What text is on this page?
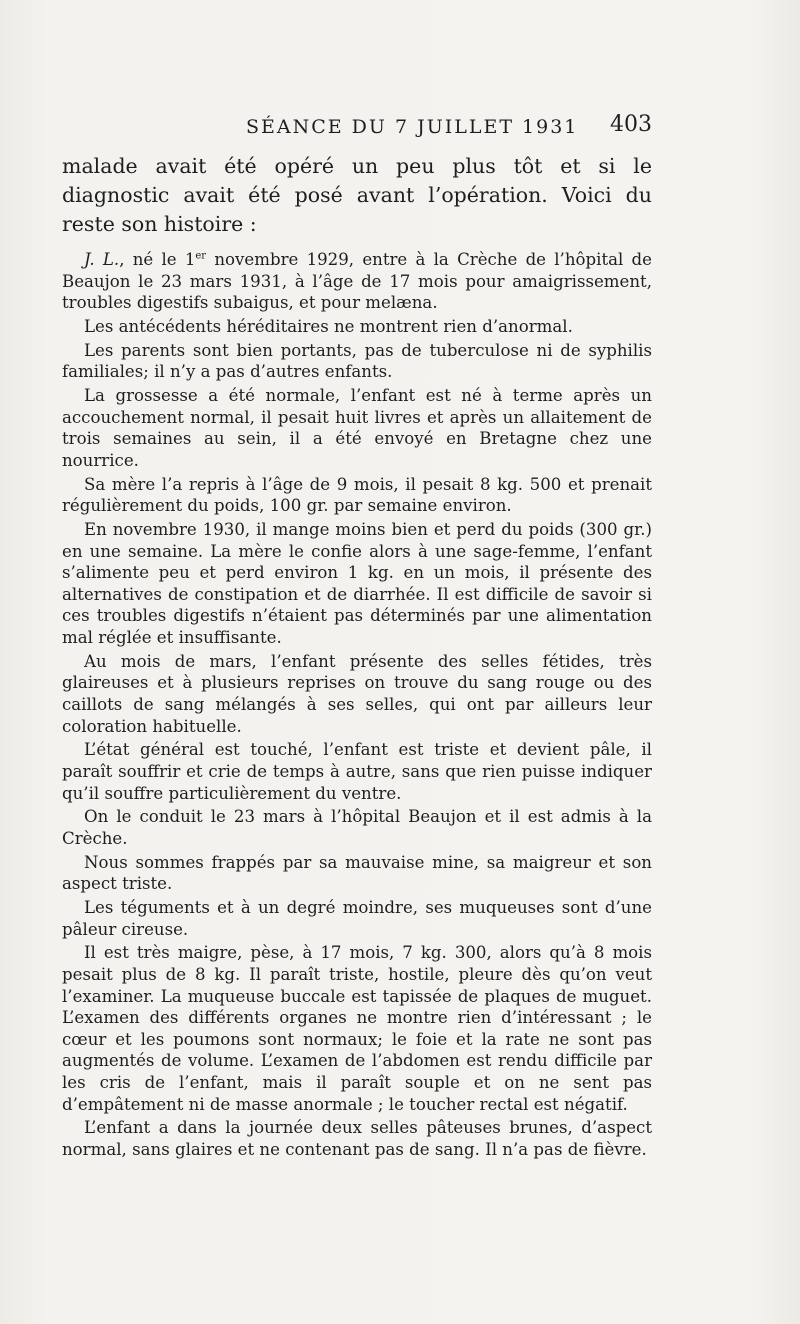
SÉANCE DU 7 JUILLET 1931 403

malade avait été opéré un peu plus tôt et si le diagnostic avait été posé avant l’opération. Voici du reste son histoire :

J. L., né le 1er novembre 1929, entre à la Crèche de l’hôpital de Beaujon le 23 mars 1931, à l’âge de 17 mois pour amaigrissement, troubles digestifs subaigus, et pour melæna.

Les antécédents héréditaires ne montrent rien d’anormal.

Les parents sont bien portants, pas de tuberculose ni de syphilis familiales; il n’y a pas d’autres enfants.

La grossesse a été normale, l’enfant est né à terme après un accouchement normal, il pesait huit livres et après un allaitement de trois semaines au sein, il a été envoyé en Bretagne chez une nourrice.

Sa mère l’a repris à l’âge de 9 mois, il pesait 8 kg. 500 et prenait régulièrement du poids, 100 gr. par semaine environ.

En novembre 1930, il mange moins bien et perd du poids (300 gr.) en une semaine. La mère le confie alors à une sage-femme, l’enfant s’alimente peu et perd environ 1 kg. en un mois, il présente des alternatives de constipation et de diarrhée. Il est difficile de savoir si ces troubles digestifs n’étaient pas déterminés par une alimentation mal réglée et insuffisante.

Au mois de mars, l’enfant présente des selles fétides, très glaireuses et à plusieurs reprises on trouve du sang rouge ou des caillots de sang mélangés à ses selles, qui ont par ailleurs leur coloration habituelle.

L’état général est touché, l’enfant est triste et devient pâle, il paraît souffrir et crie de temps à autre, sans que rien puisse indiquer qu’il souffre particulièrement du ventre.

On le conduit le 23 mars à l’hôpital Beaujon et il est admis à la Crèche.

Nous sommes frappés par sa mauvaise mine, sa maigreur et son aspect triste.

Les téguments et à un degré moindre, ses muqueuses sont d’une pâleur cireuse.

Il est très maigre, pèse, à 17 mois, 7 kg. 300, alors qu’à 8 mois pesait plus de 8 kg. Il paraît triste, hostile, pleure dès qu’on veut l’examiner. La muqueuse buccale est tapissée de plaques de muguet. L’examen des différents organes ne montre rien d’intéressant ; le cœur et les poumons sont normaux; le foie et la rate ne sont pas augmentés de volume. L’examen de l’abdomen est rendu difficile par les cris de l’enfant, mais il paraît souple et on ne sent pas d’empâtement ni de masse anormale ; le toucher rectal est négatif.

L’enfant a dans la journée deux selles pâteuses brunes, d’aspect normal, sans glaires et ne contenant pas de sang. Il n’a pas de fièvre.
